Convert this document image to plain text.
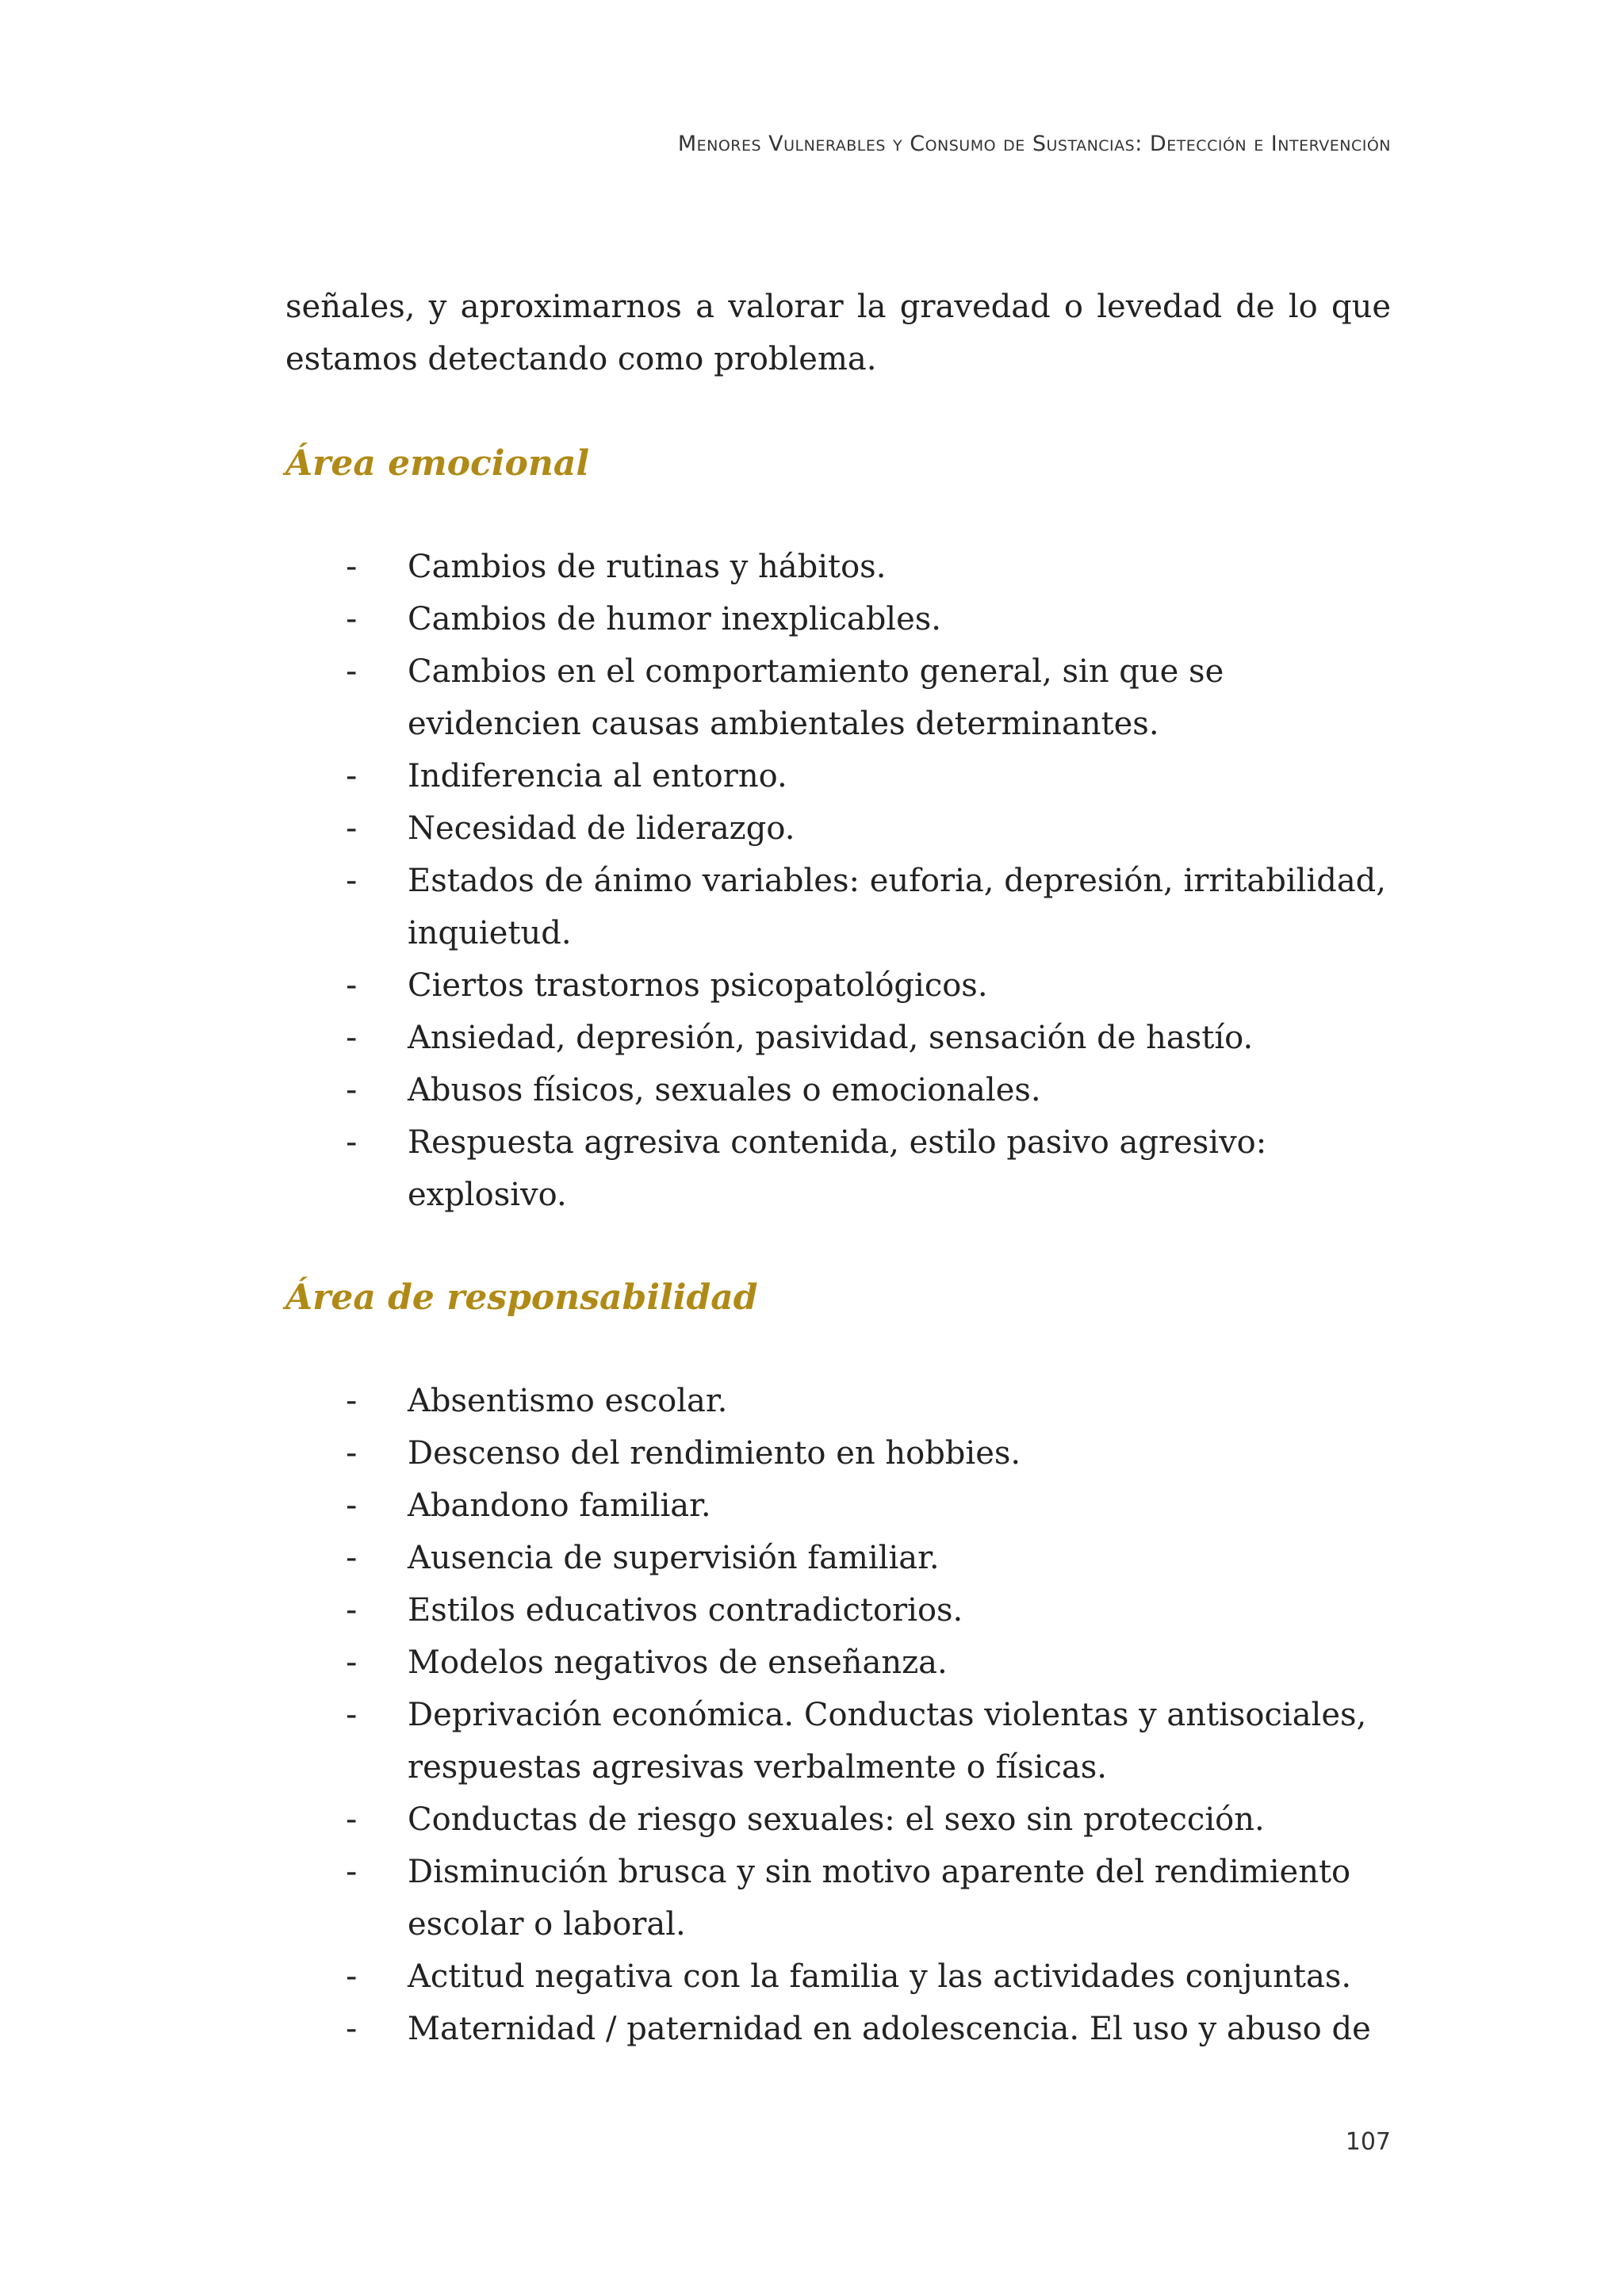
Menores Vulnerables y Consumo de Sustancias: Detección e Intervención

señales, y aproximarnos a valorar la gravedad o levedad de lo que estamos detectando como problema.

Área emocional
- Cambios de rutinas y hábitos.
- Cambios de humor inexplicables.
- Cambios en el comportamiento general, sin que se evidencien causas ambientales determinantes.
- Indiferencia al entorno.
- Necesidad de liderazgo.
- Estados de ánimo variables: euforia, depresión, irritabilidad, inquietud.
- Ciertos trastornos psicopatológicos.
- Ansiedad, depresión, pasividad, sensación de hastío.
- Abusos físicos, sexuales o emocionales.
- Respuesta agresiva contenida, estilo pasivo agresivo: explosivo.
Área de responsabilidad
- Absentismo escolar.
- Descenso del rendimiento en hobbies.
- Abandono familiar.
- Ausencia de supervisión familiar.
- Estilos educativos contradictorios.
- Modelos negativos de enseñanza.
- Deprivación económica. Conductas violentas y antisociales, respuestas agresivas verbalmente o físicas.
- Conductas de riesgo sexuales: el sexo sin protección.
- Disminución brusca y sin motivo aparente del rendimiento escolar o laboral.
- Actitud negativa con la familia y las actividades conjuntas.
- Maternidad / paternidad en adolescencia. El uso y abuso de
107
